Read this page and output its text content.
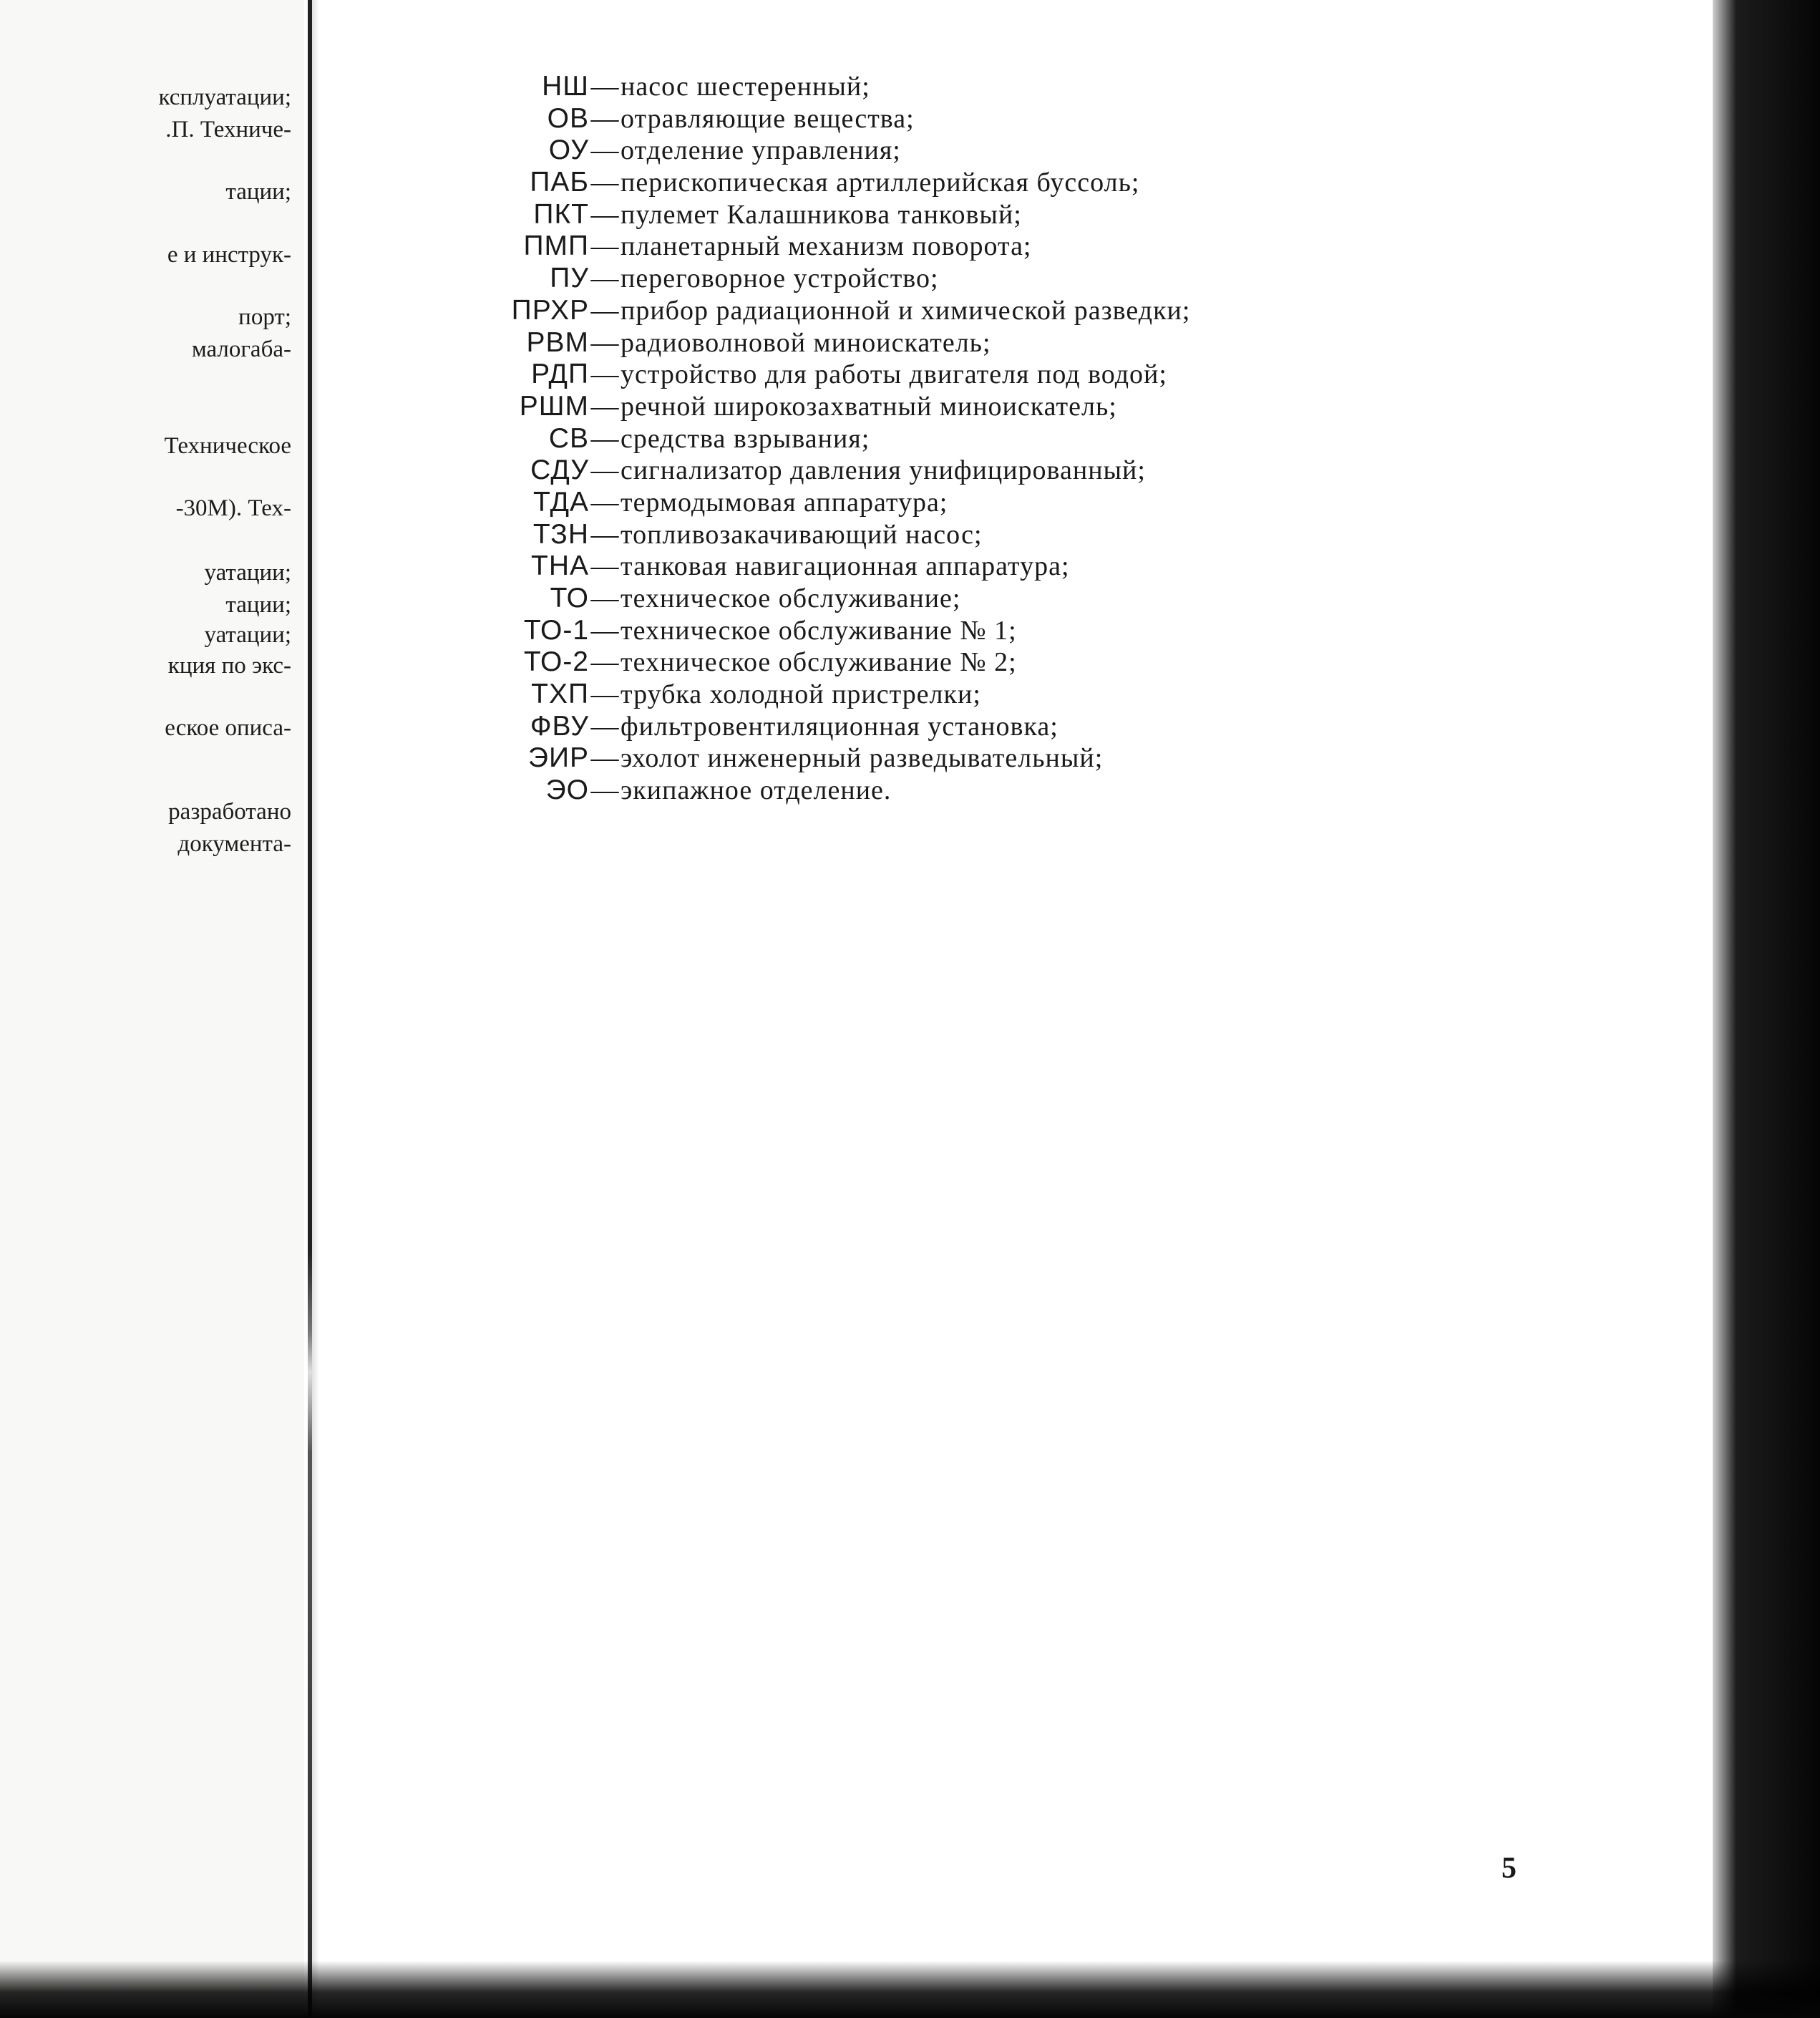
ксплуатации;
.П. Техниче-
тации;
е и инструк-
порт;
малогаба-
Техническое
-30М). Тех-
уатации;
тации;
уатации;
кция по экс-
еское описа-
разработано
документа-
НШ — насос шестеренный;
ОВ — отравляющие вещества;
ОУ — отделение управления;
ПАБ — перископическая артиллерийская буссоль;
ПКТ — пулемет Калашникова танковый;
ПМП — планетарный механизм поворота;
ПУ — переговорное устройство;
ПРХР — прибор радиационной и химической разведки;
РВМ — радиоволновой миноискатель;
РДП — устройство для работы двигателя под водой;
РШМ — речной широкозахватный миноискатель;
СВ — средства взрывания;
СДУ — сигнализатор давления унифицированный;
ТДА — термодымовая аппаратура;
ТЗН — топливозакачивающий насос;
ТНА — танковая навигационная аппаратура;
ТО — техническое обслуживание;
ТО-1 — техническое обслуживание № 1;
ТО-2 — техническое обслуживание № 2;
ТХП — трубка холодной пристрелки;
ФВУ — фильтровентиляционная установка;
ЭИР — эхолот инженерный разведывательный;
ЭО — экипажное отделение.
5
